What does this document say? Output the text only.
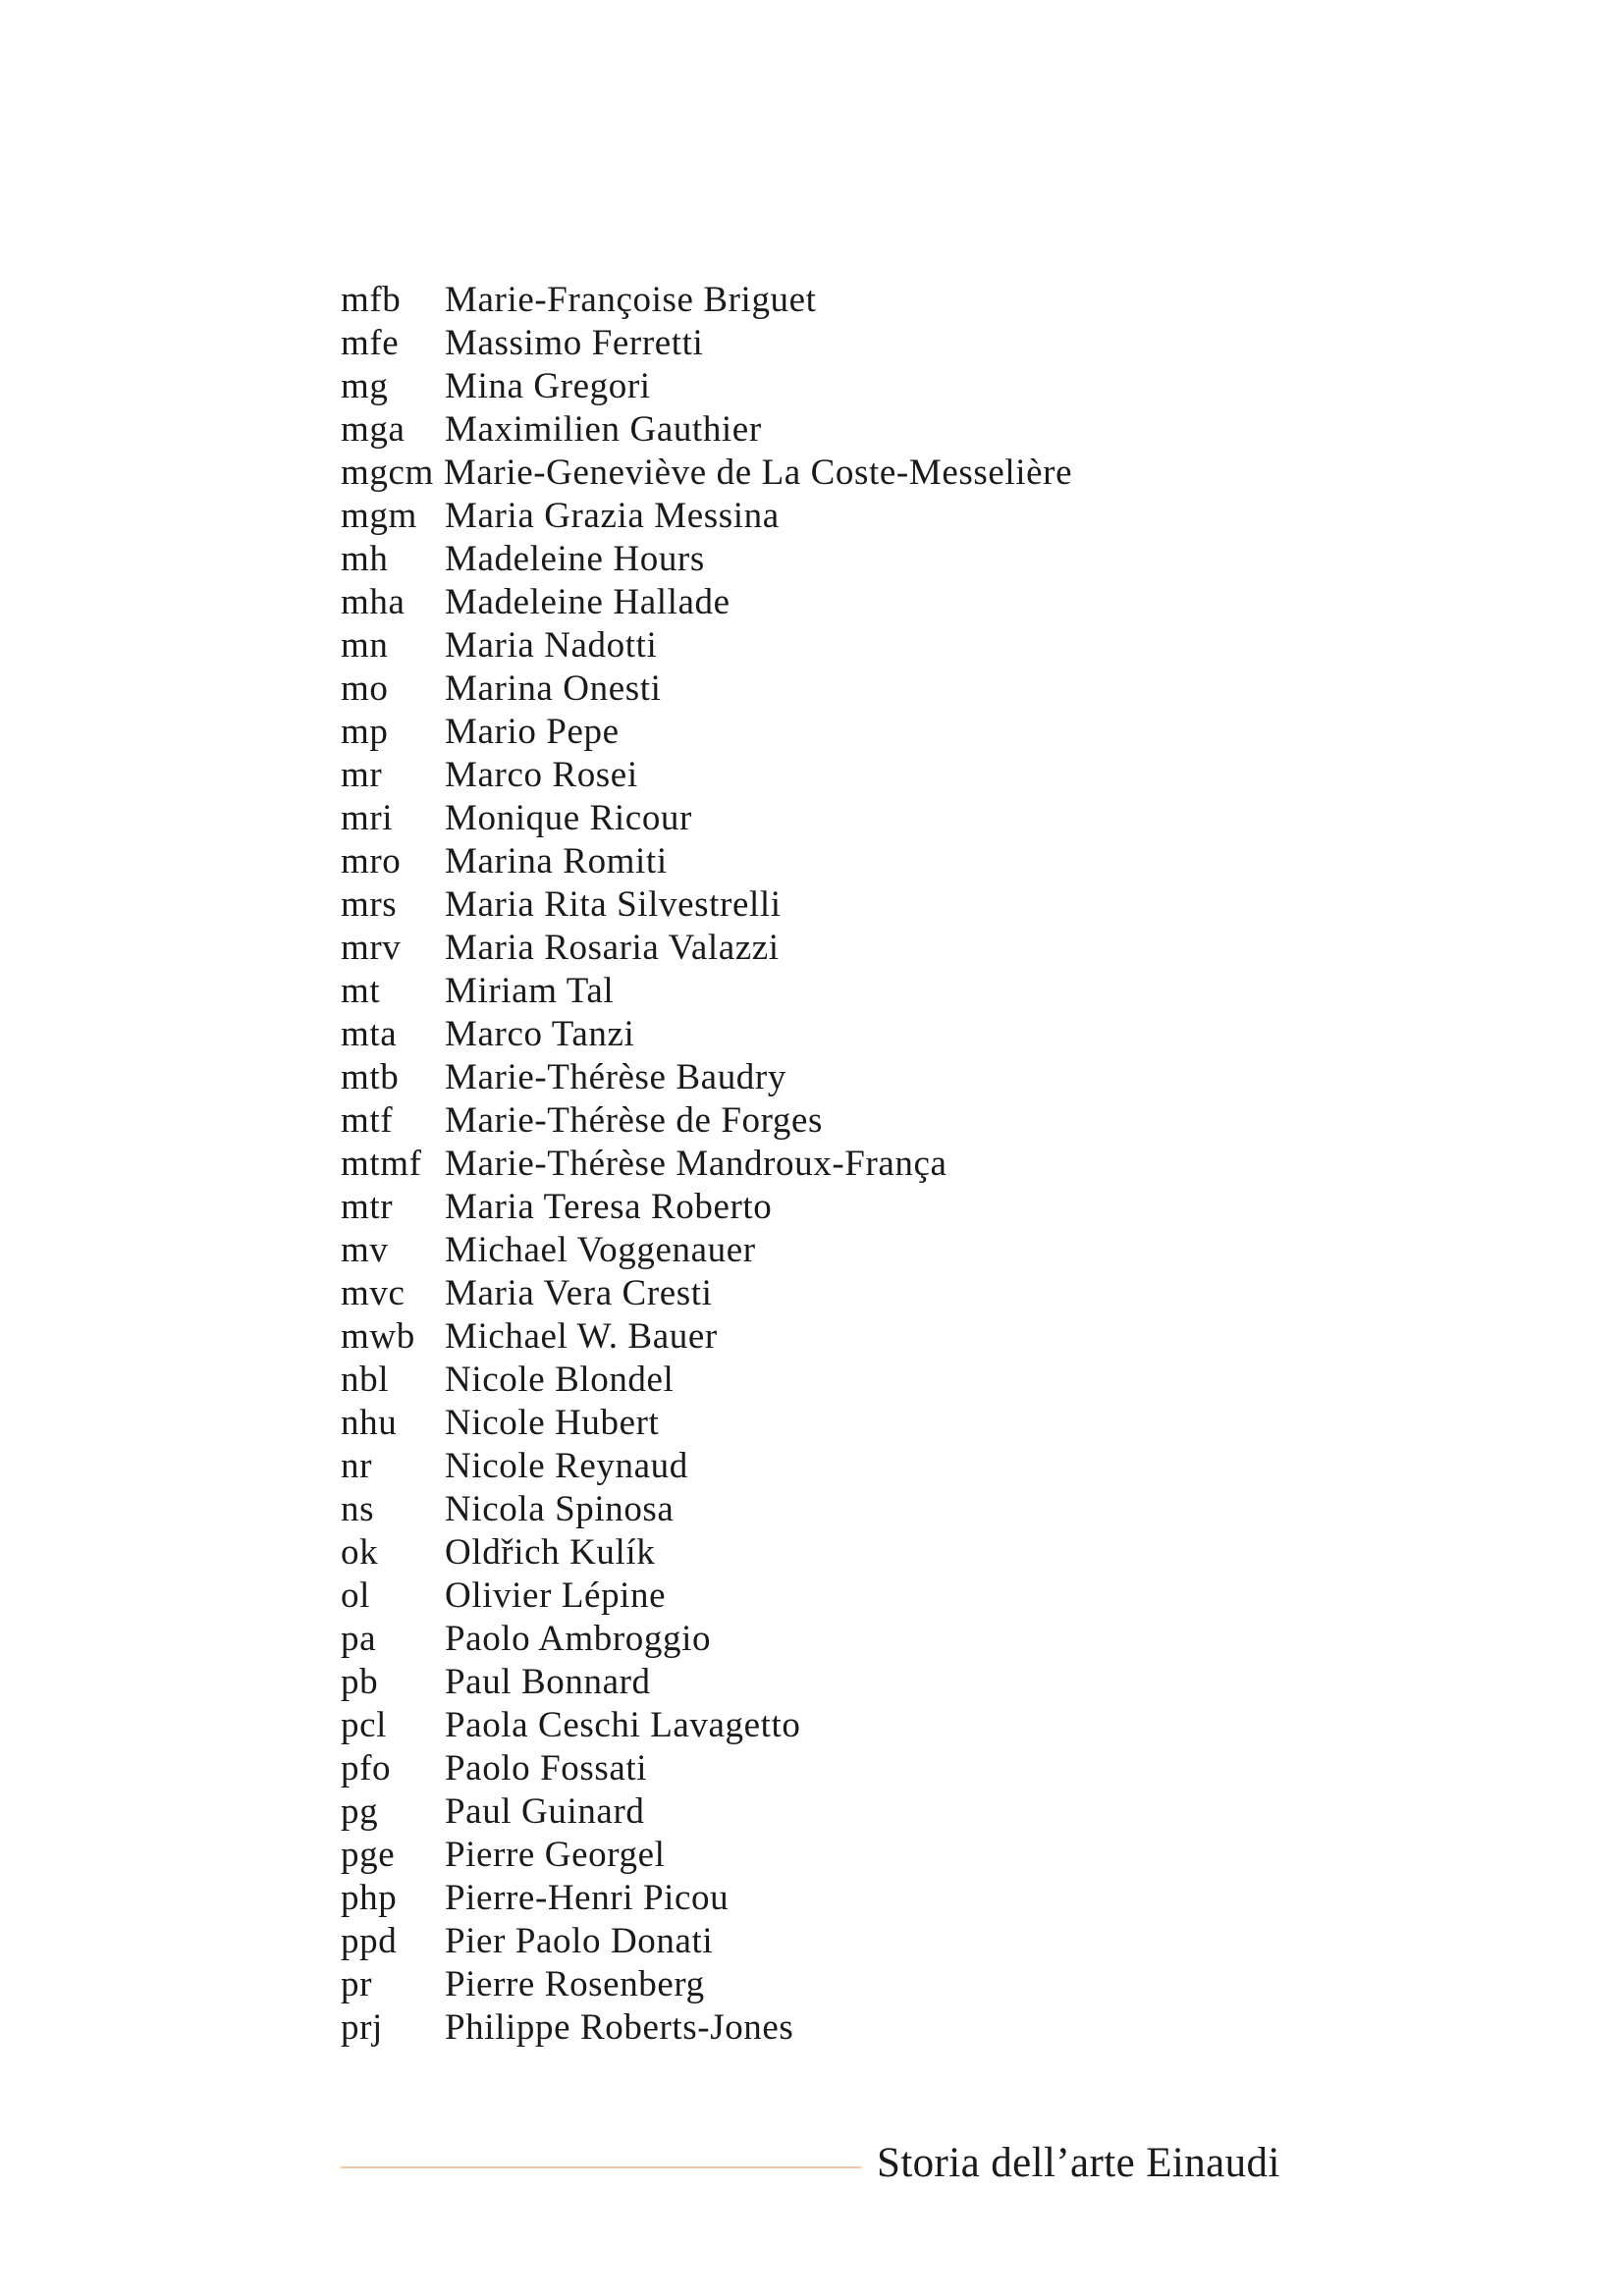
mfb	Marie-Françoise Briguet
mfe	Massimo Ferretti
mg	Mina Gregori
mga	Maximilien Gauthier
mgcm Marie-Geneviève de La Coste-Messelière
mgm Maria Grazia Messina
mh	Madeleine Hours
mha	Madeleine Hallade
mn	Maria Nadotti
mo	Marina Onesti
mp	Mario Pepe
mr	Marco Rosei
mri	Monique Ricour
mro	Marina Romiti
mrs	Maria Rita Silvestrelli
mrv	Maria Rosaria Valazzi
mt	Miriam Tal
mta	Marco Tanzi
mtb	Marie-Thérèse Baudry
mtf	Marie-Thérèse de Forges
mtmf Marie-Thérèse Mandroux-França
mtr	Maria Teresa Roberto
mv	Michael Voggenauer
mvc	Maria Vera Cresti
mwb Michael W. Bauer
nbl	Nicole Blondel
nhu	Nicole Hubert
nr	Nicole Reynaud
ns	Nicola Spinosa
ok	Oldřich Kulík
ol	Olivier Lépine
pa	Paolo Ambroggio
pb	Paul Bonnard
pcl	Paola Ceschi Lavagetto
pfo	Paolo Fossati
pg	Paul Guinard
pge	Pierre Georgel
php	Pierre-Henri Picou
ppd	Pier Paolo Donati
pr	Pierre Rosenberg
prj	Philippe Roberts-Jones
Storia dell’arte Einaudi
